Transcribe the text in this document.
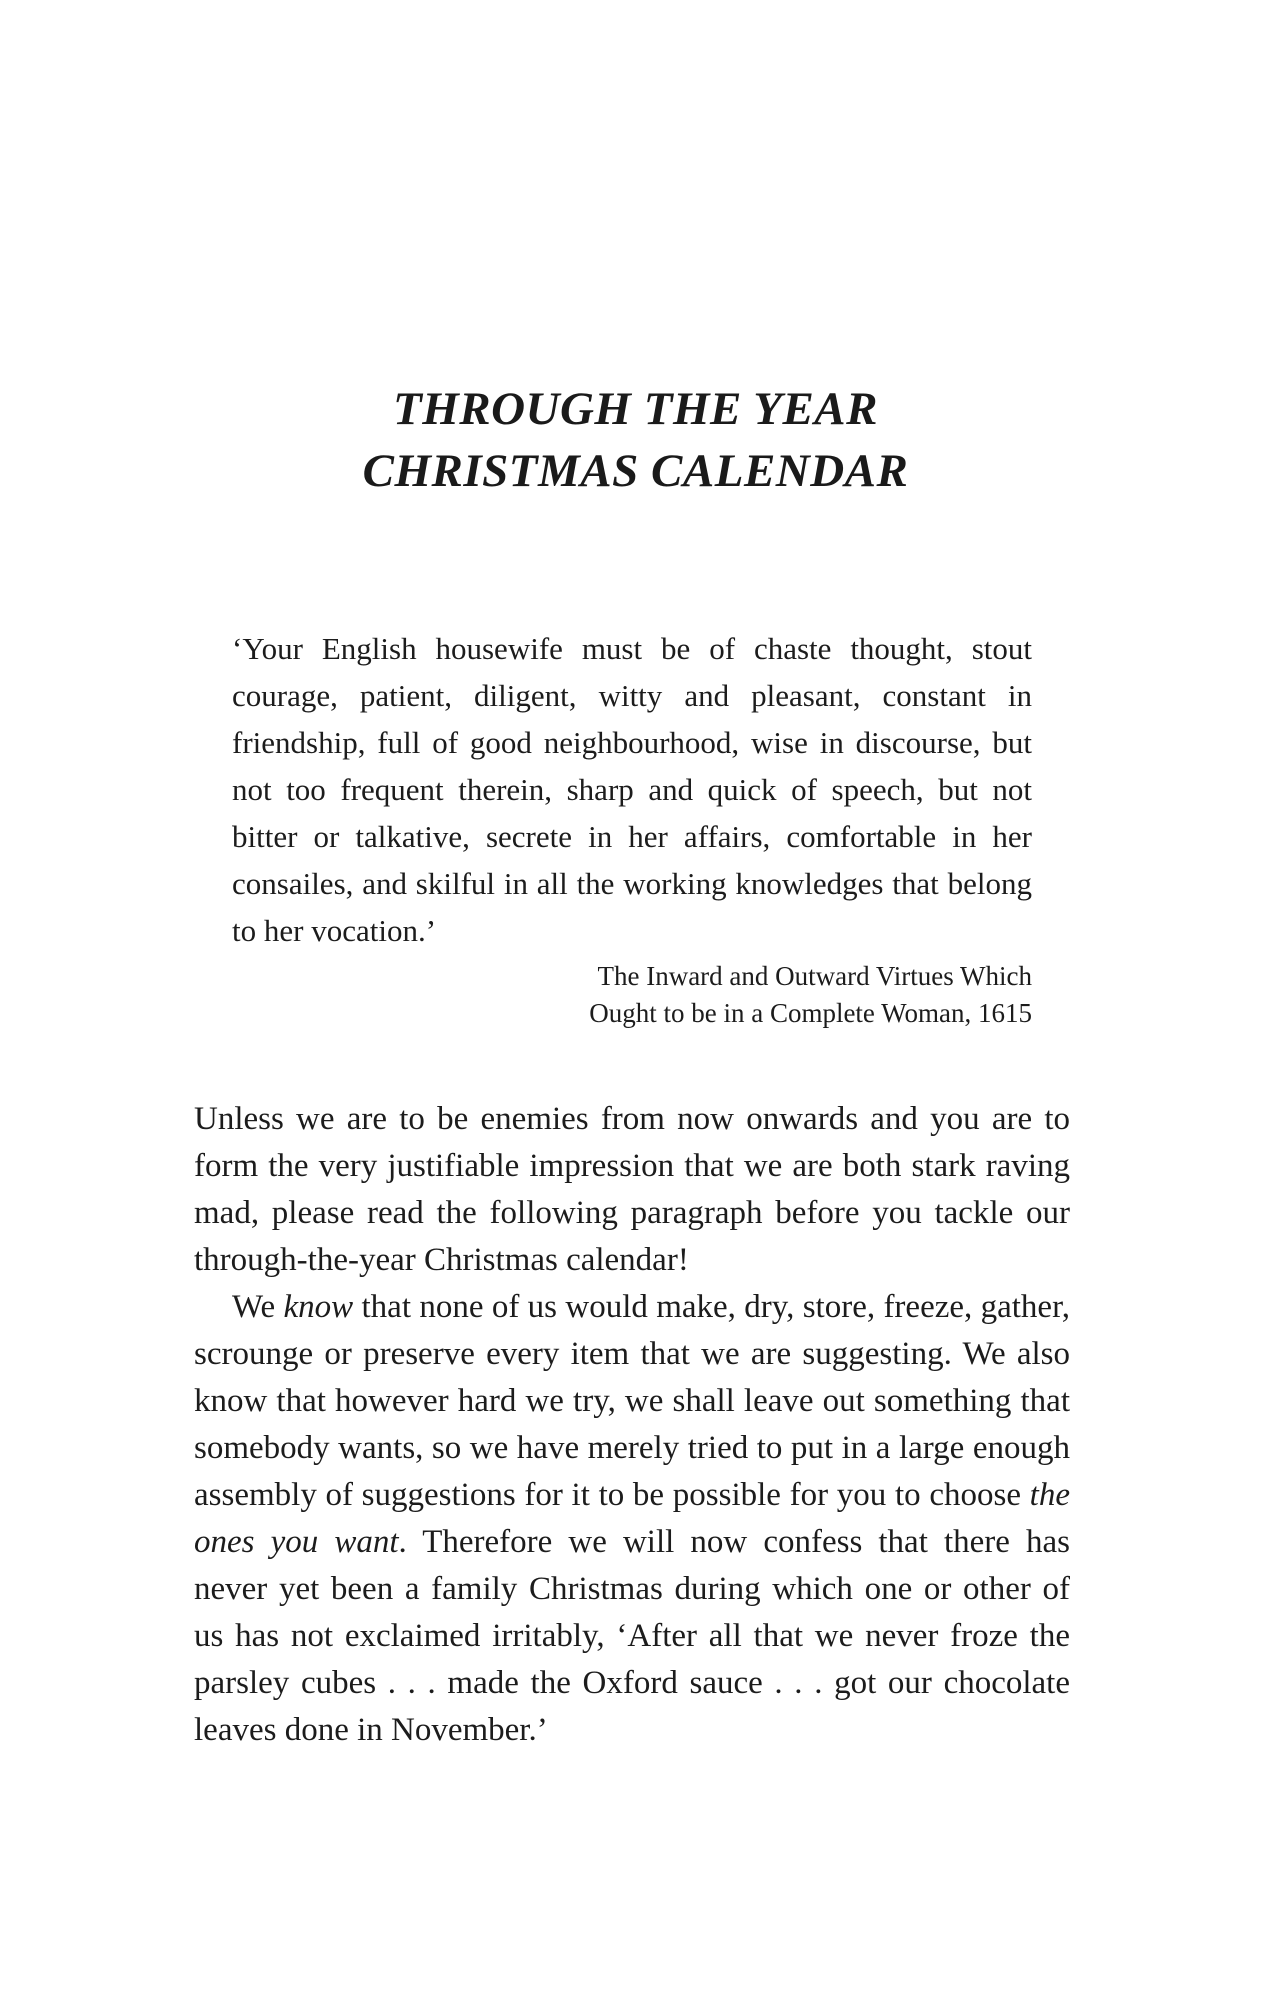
THROUGH THE YEAR
CHRISTMAS CALENDAR

‘Your English housewife must be of chaste thought, stout courage, patient, diligent, witty and pleasant, constant in friendship, full of good neighbourhood, wise in discourse, but not too frequent therein, sharp and quick of speech, but not bitter or talkative, secrete in her affairs, comfortable in her consailes, and skilful in all the working knowledges that belong to her vocation.’

The Inward and Outward Virtues Which
Ought to be in a Complete Woman, 1615

Unless we are to be enemies from now onwards and you are to form the very justifiable impression that we are both stark raving mad, please read the following paragraph before you tackle our through-the-year Christmas calendar!

We know that none of us would make, dry, store, freeze, gather, scrounge or preserve every item that we are suggesting. We also know that however hard we try, we shall leave out something that somebody wants, so we have merely tried to put in a large enough assembly of suggestions for it to be possible for you to choose the ones you want. Therefore we will now confess that there has never yet been a family Christmas during which one or other of us has not exclaimed irritably, ‘After all that we never froze the parsley cubes . . . made the Oxford sauce . . . got our chocolate leaves done in November.’
